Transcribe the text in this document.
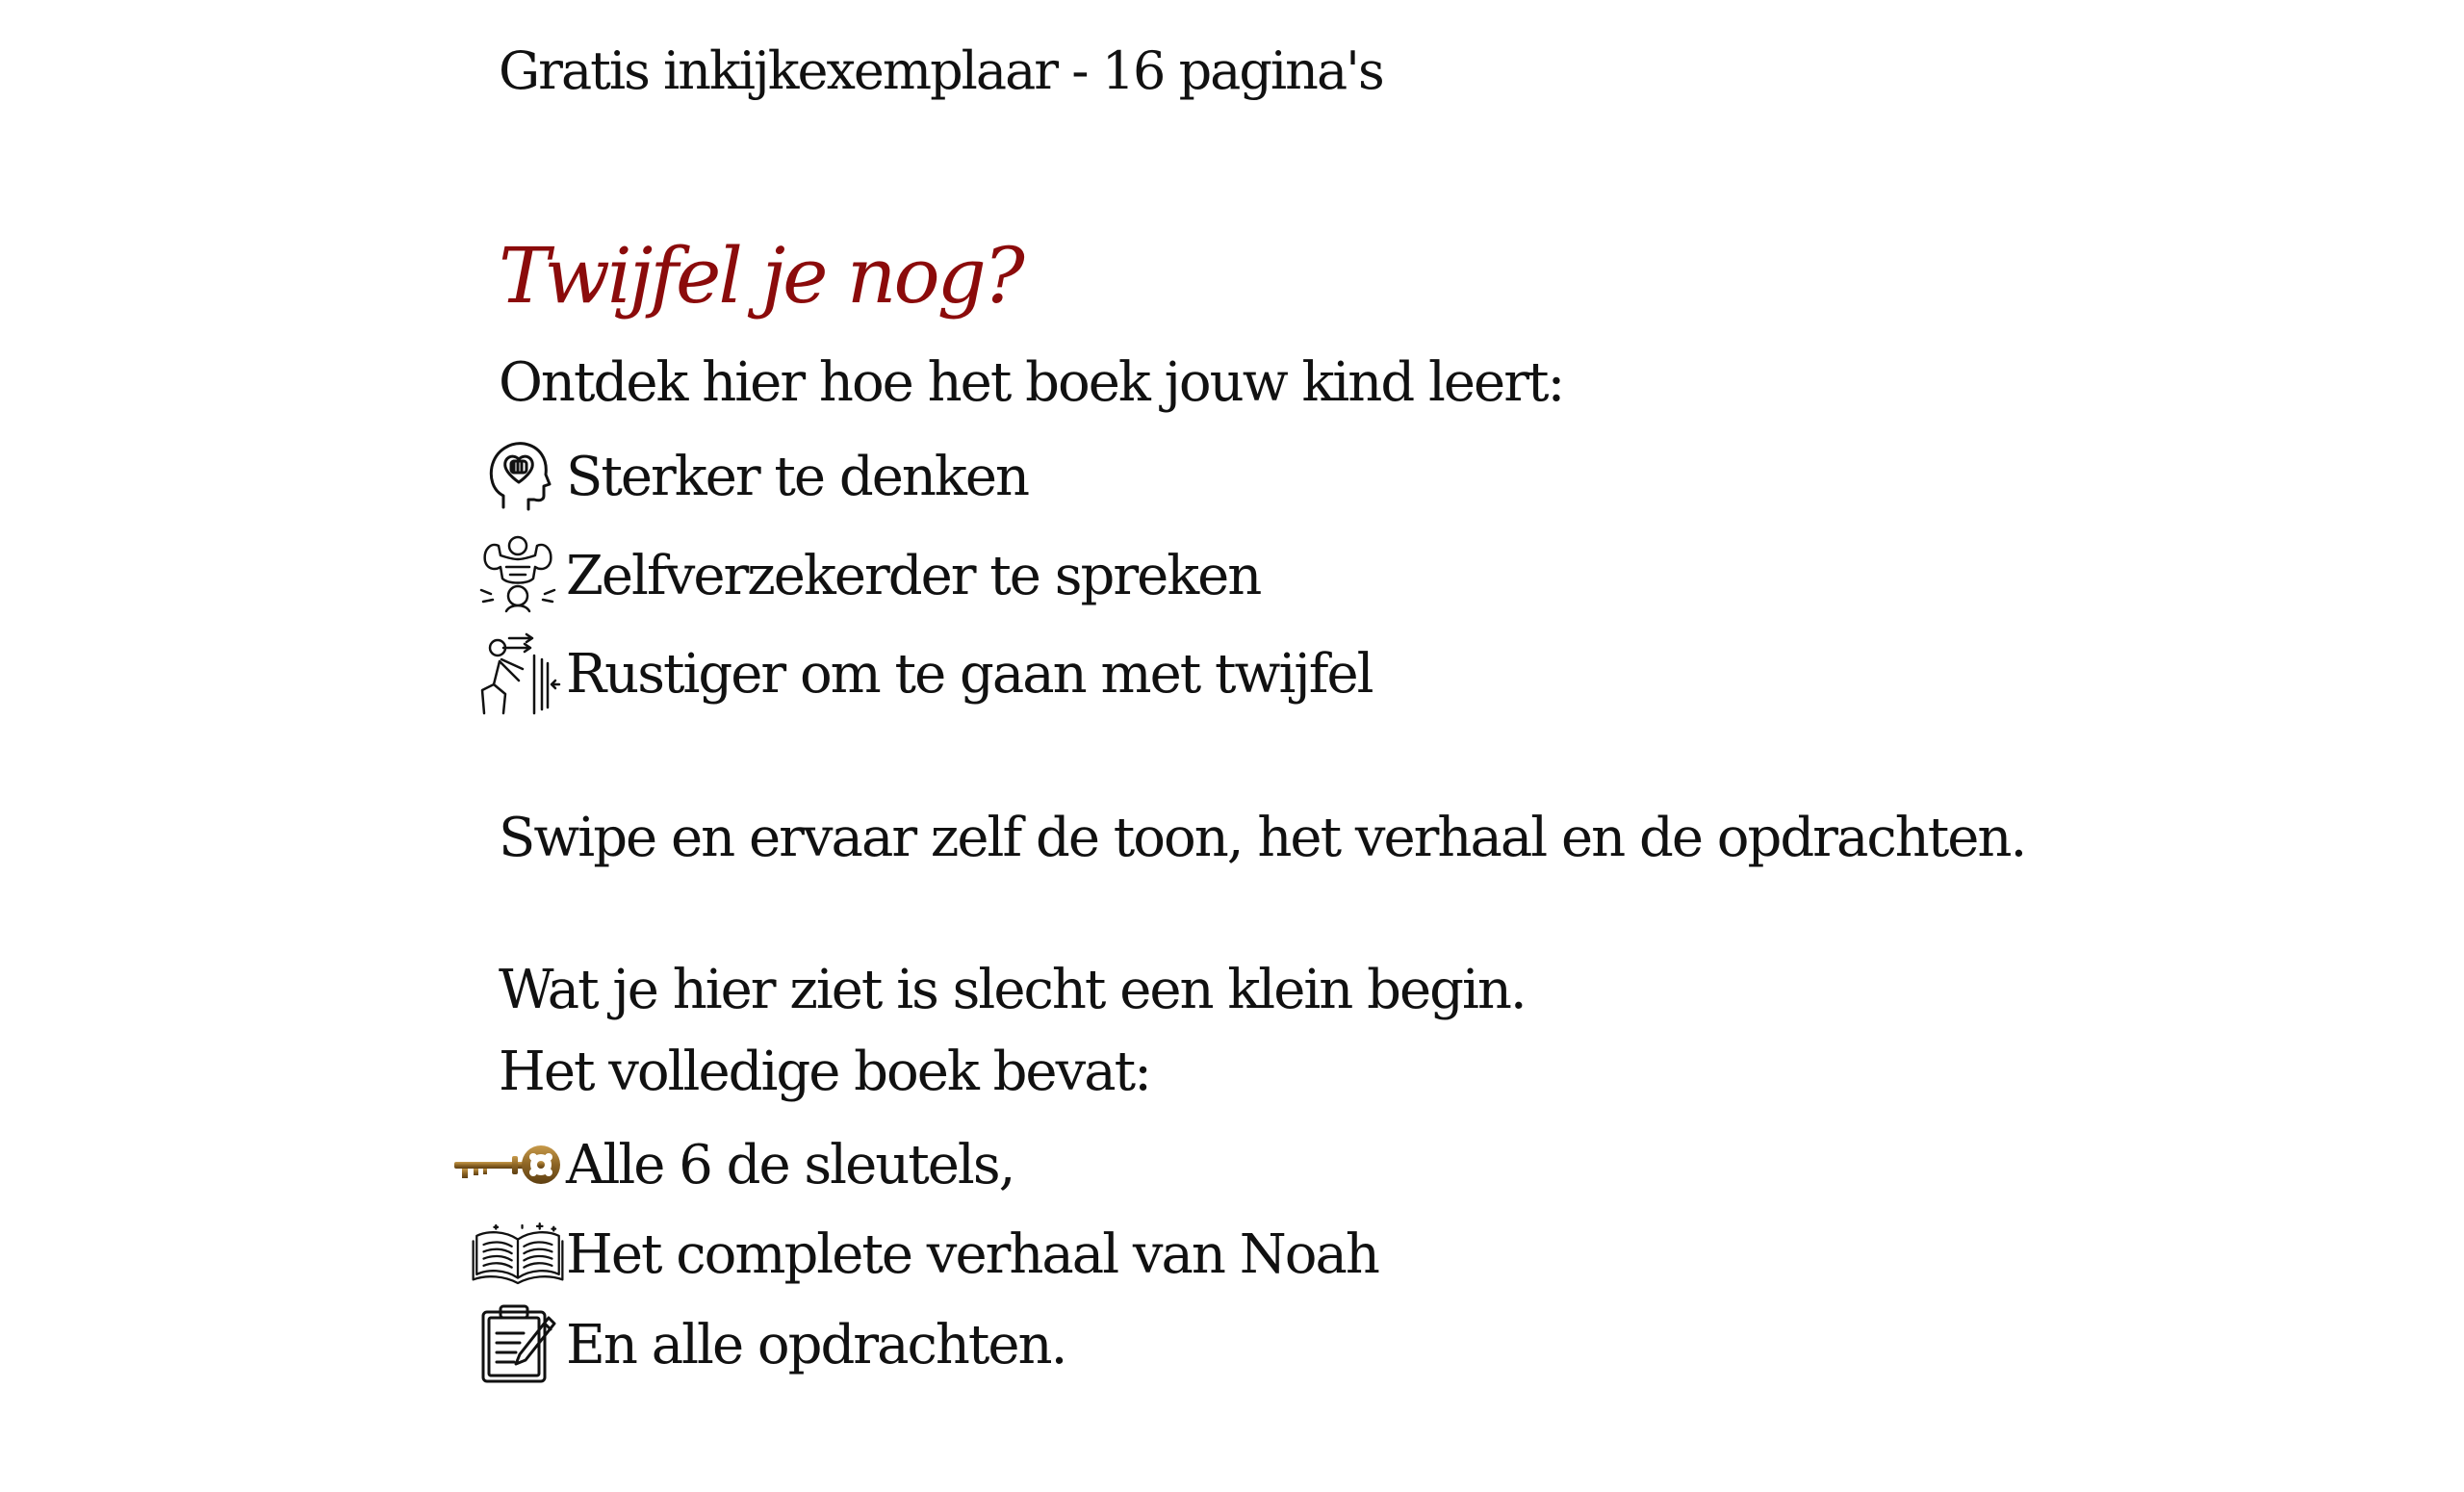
Gratis inkijkexemplaar - 16 pagina's
Twijfel je nog?
Ontdek hier hoe het boek jouw kind leert:
Sterker te denken
Zelfverzekerder te spreken
Rustiger om te gaan met twijfel
Swipe en ervaar zelf de toon, het verhaal en de opdrachten.
Wat je hier ziet is slecht een klein begin.
Het volledige boek bevat:
Alle 6 de sleutels,
Het complete verhaal van Noah
En alle opdrachten.
